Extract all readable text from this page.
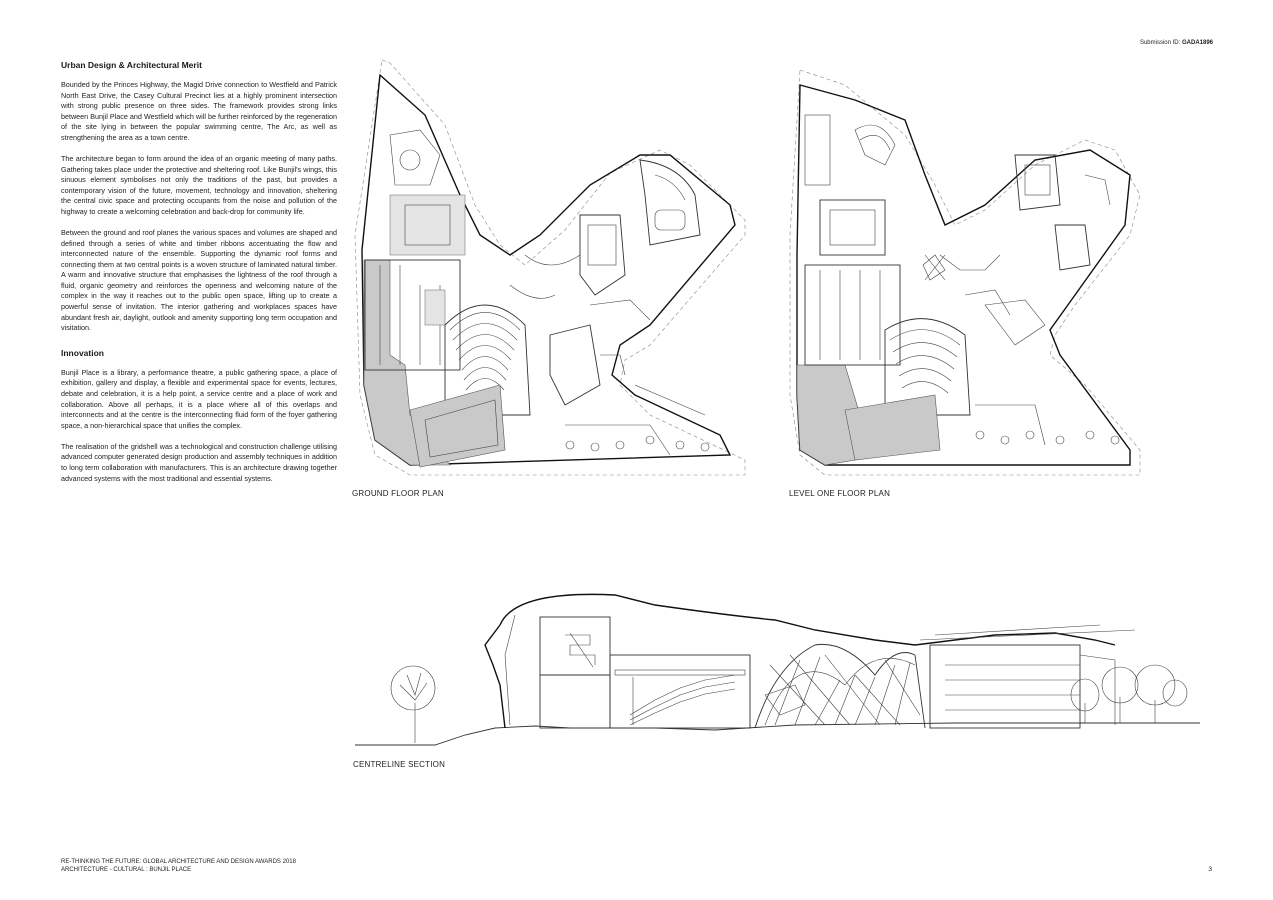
Submission ID: GADA1896
Urban Design & Architectural Merit

Bounded by the Princes Highway, the Magid Drive connection to Westfield and Patrick North East Drive, the Casey Cultural Precinct lies at a highly prominent intersection with strong public presence on three sides. The framework provides strong links between Bunjil Place and Westfield which will be further reinforced by the regeneration of the site lying in between the popular swimming centre, The Arc, as well as strengthening the area as a town centre.

The architecture began to form around the idea of an organic meeting of many paths. Gathering takes place under the protective and sheltering roof. Like Bunjil's wings, this sinuous element symbolises not only the traditions of the past, but provides a contemporary vision of the future, movement, technology and innovation, sheltering the central civic space and protecting occupants from the noise and pollution of the highway to create a welcoming celebration and back-drop for community life.

Between the ground and roof planes the various spaces and volumes are shaped and defined through a series of white and timber ribbons accentuating the flow and interconnected nature of the ensemble. Supporting the dynamic roof forms and connecting them at two central points is a woven structure of laminated natural timber. A warm and innovative structure that emphasises the lightness of the roof through a fluid, organic geometry and reinforces the openness and welcoming nature of the complex in the way it reaches out to the public open space, lifting up to create a powerful sense of invitation. The interior gathering and workplaces spaces have abundant fresh air, daylight, outlook and amenity supporting long term occupation and visitation.

Innovation

Bunjil Place is a library, a performance theatre, a public gathering space, a place of exhibition, gallery and display, a flexible and experimental space for events, lectures, debate and celebration, it is a help point, a service centre and a place of work and collaboration. Above all perhaps, it is a place where all of this overlaps and interconnects and at the centre is the interconnecting fluid form of the foyer gathering space, a non-hierarchical space that unifies the complex.

The realisation of the gridshell was a technological and construction challenge utilising advanced computer generated design production and assembly techniques in addition to long term collaboration with manufacturers. This is an architecture drawing together advanced systems with the most traditional and essential systems.

GROUND FLOOR PLAN	LEVEL ONE FLOOR PLAN
CENTRELINE SECTION
RE-THINKING THE FUTURE: GLOBAL ARCHITECTURE AND DESIGN AWARDS 2018
ARCHITECTURE - CULTURAL : BUNJIL PLACE	3
